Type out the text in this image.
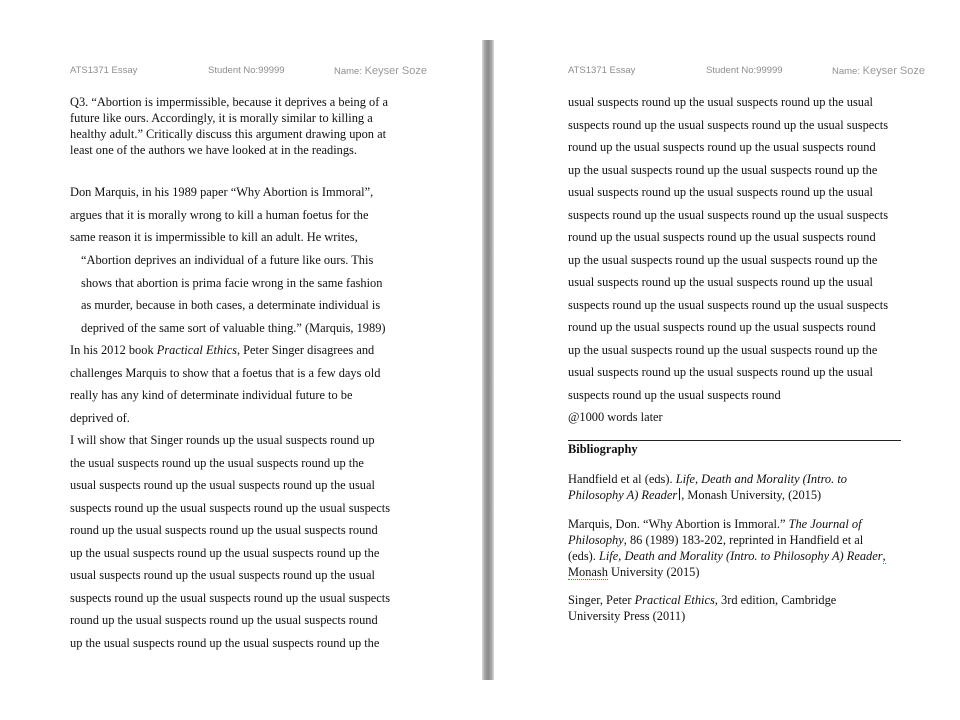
ATS1371 Essay	Student No:99999	Name: Keyser Soze
Q3. “Abortion is impermissible, because it deprives a being of a
future like ours. Accordingly, it is morally similar to killing a
healthy adult.” Critically discuss this argument drawing upon at
least one of the authors we have looked at in the readings.
Don Marquis, in his 1989 paper “Why Abortion is Immoral”,
argues that it is morally wrong to kill a human foetus for the
same reason it is impermissible to kill an adult. He writes,
“Abortion deprives an individual of a future like ours. This
shows that abortion is prima facie wrong in the same fashion
as murder, because in both cases, a determinate individual is
deprived of the same sort of valuable thing.” (Marquis, 1989)
In his 2012 book Practical Ethics, Peter Singer disagrees and
challenges Marquis to show that a foetus that is a few days old
really has any kind of determinate individual future to be
deprived of.
I will show that Singer rounds up the usual suspects round up
the usual suspects round up the usual suspects round up the
usual suspects round up the usual suspects round up the usual
suspects round up the usual suspects round up the usual suspects
round up the usual suspects round up the usual suspects round
up the usual suspects round up the usual suspects round up the
usual suspects round up the usual suspects round up the usual
suspects round up the usual suspects round up the usual suspects
round up the usual suspects round up the usual suspects round
up the usual suspects round up the usual suspects round up the
ATS1371 Essay	Student No:99999	Name: Keyser Soze
usual suspects round up the usual suspects round up the usual
suspects round up the usual suspects round up the usual suspects
round up the usual suspects round up the usual suspects round
up the usual suspects round up the usual suspects round up the
usual suspects round up the usual suspects round up the usual
suspects round up the usual suspects round up the usual suspects
round up the usual suspects round up the usual suspects round
up the usual suspects round up the usual suspects round up the
usual suspects round up the usual suspects round up the usual
suspects round up the usual suspects round up the usual suspects
round up the usual suspects round up the usual suspects round
up the usual suspects round up the usual suspects round up the
usual suspects round up the usual suspects round up the usual
suspects round up the usual suspects round
@1000 words later
Bibliography
Handfield et al (eds). Life, Death and Morality (Intro. to
Philosophy A) Reader , Monash University, (2015)
Marquis, Don. “Why Abortion is Immoral.” The Journal of
Philosophy, 86 (1989) 183-202, reprinted in Handfield et al
(eds). Life, Death and Morality (Intro. to Philosophy A) Reader,
Monash University (2015)
Singer, Peter Practical Ethics, 3rd edition, Cambridge
University Press (2011)
